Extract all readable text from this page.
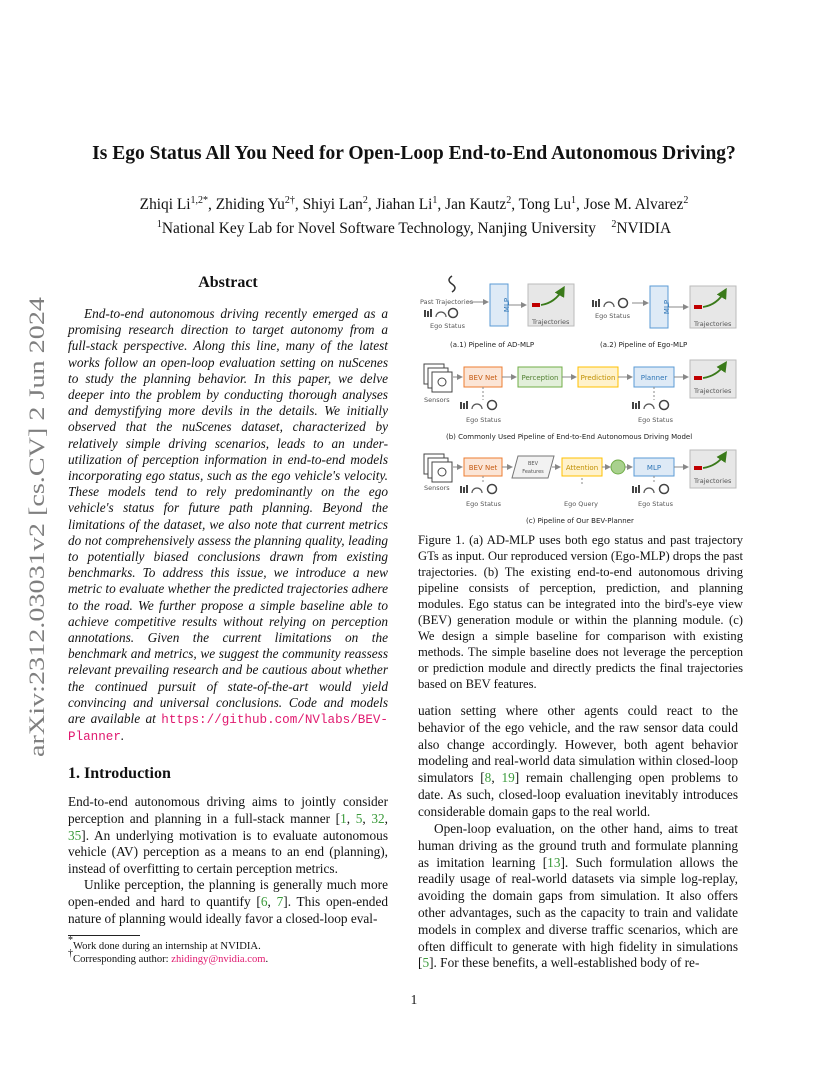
arXiv:2312.03031v2 [cs.CV] 2 Jun 2024
Is Ego Status All You Need for Open-Loop End-to-End Autonomous Driving?
Zhiqi $Li^{1,2*}$, Zhiding $Yu^{2\dagger}$, Shiyi Lan$^2$, Jiahan Li$^1$, Jan Kautz$^2$, Tong Lu$^1$, Jose M. Alvarez$^2$
$^1$National Key Lab for Novel Software Technology, Nanjing University $^2$NVIDIA
Abstract
End-to-end autonomous driving recently emerged as a promising research direction to target autonomy from a full-stack perspective. Along this line, many of the latest works follow an open-loop evaluation setting on nuScenes to study the planning behavior. In this paper, we delve deeper into the problem by conducting thorough analyses and demystifying more devils in the details. We initially observed that the nuScenes dataset, characterized by relatively simple driving scenarios, leads to an under-utilization of perception information in end-to-end models incorporating ego status, such as the ego vehicle's velocity. These models tend to rely predominantly on the ego vehicle's status for future path planning. Beyond the limitations of the dataset, we also note that current metrics do not comprehensively assess the planning quality, leading to potentially biased conclusions drawn from existing benchmarks. To address this issue, we introduce a new metric to evaluate whether the predicted trajectories adhere to the road. We further propose a simple baseline able to achieve competitive results without relying on perception annotations. Given the current limitations on the benchmark and metrics, we suggest the community reassess relevant prevailing research and be cautious about whether the continued pursuit of state-of-the-art would yield convincing and universal conclusions. Code and models are available at https://github.com/NVlabs/BEV-Planner.
1. Introduction
End-to-end autonomous driving aims to jointly consider perception and planning in a full-stack manner [1, 5, 32, 35]. An underlying motivation is to evaluate autonomous vehicle (AV) perception as a means to an end (planning), instead of overfitting to certain perception metrics.
Unlike perception, the planning is generally much more open-ended and hard to quantify [6, 7]. This open-ended nature of planning would ideally favor a closed-loop eval-
*Work done during an internship at NVIDIA.
†Corresponding author: zhidingy@nvidia.com.
Past Trajectories
Ego Status
MLP
Trajectories
(a.1) Pipeline of AD-MLP
Ego Status
MLP
Trajectories
(a.2) Pipeline of Ego-MLP
Sensors
BEV Net	Perception	Prediction	Planner
Trajectories
Ego Status	Ego Status
(b) Commonly Used Pipeline of End-to-End Autonomous Driving Model
Sensors
BEV Net	BEV
Features	Attention	MLP
Trajectories
Ego Status	Ego Query	Ego Status
(c) Pipeline of Our BEV-Planner
Figure 1. (a) AD-MLP uses both ego status and past trajectory GTs as input. Our reproduced version (Ego-MLP) drops the past trajectories. (b) The existing end-to-end autonomous driving pipeline consists of perception, prediction, and planning modules. Ego status can be integrated into the bird's-eye view (BEV) generation module or within the planning module. (c) We design a simple baseline for comparison with existing methods. The simple baseline does not leverage the perception or prediction module and directly predicts the final trajectories based on BEV features.
uation setting where other agents could react to the behavior of the ego vehicle, and the raw sensor data could also change accordingly. However, both agent behavior modeling and real-world data simulation within closed-loop simulators [8, 19] remain challenging open problems to date. As such, closed-loop evaluation inevitably introduces considerable domain gaps to the real world.
Open-loop evaluation, on the other hand, aims to treat human driving as the ground truth and formulate planning as imitation learning [13]. Such formulation allows the readily usage of real-world datasets via simple log-replay, avoiding the domain gaps from simulation. It also offers other advantages, such as the capacity to train and validate models in complex and diverse traffic scenarios, which are often difficult to generate with high fidelity in simulations [5]. For these benefits, a well-established body of re-
1
